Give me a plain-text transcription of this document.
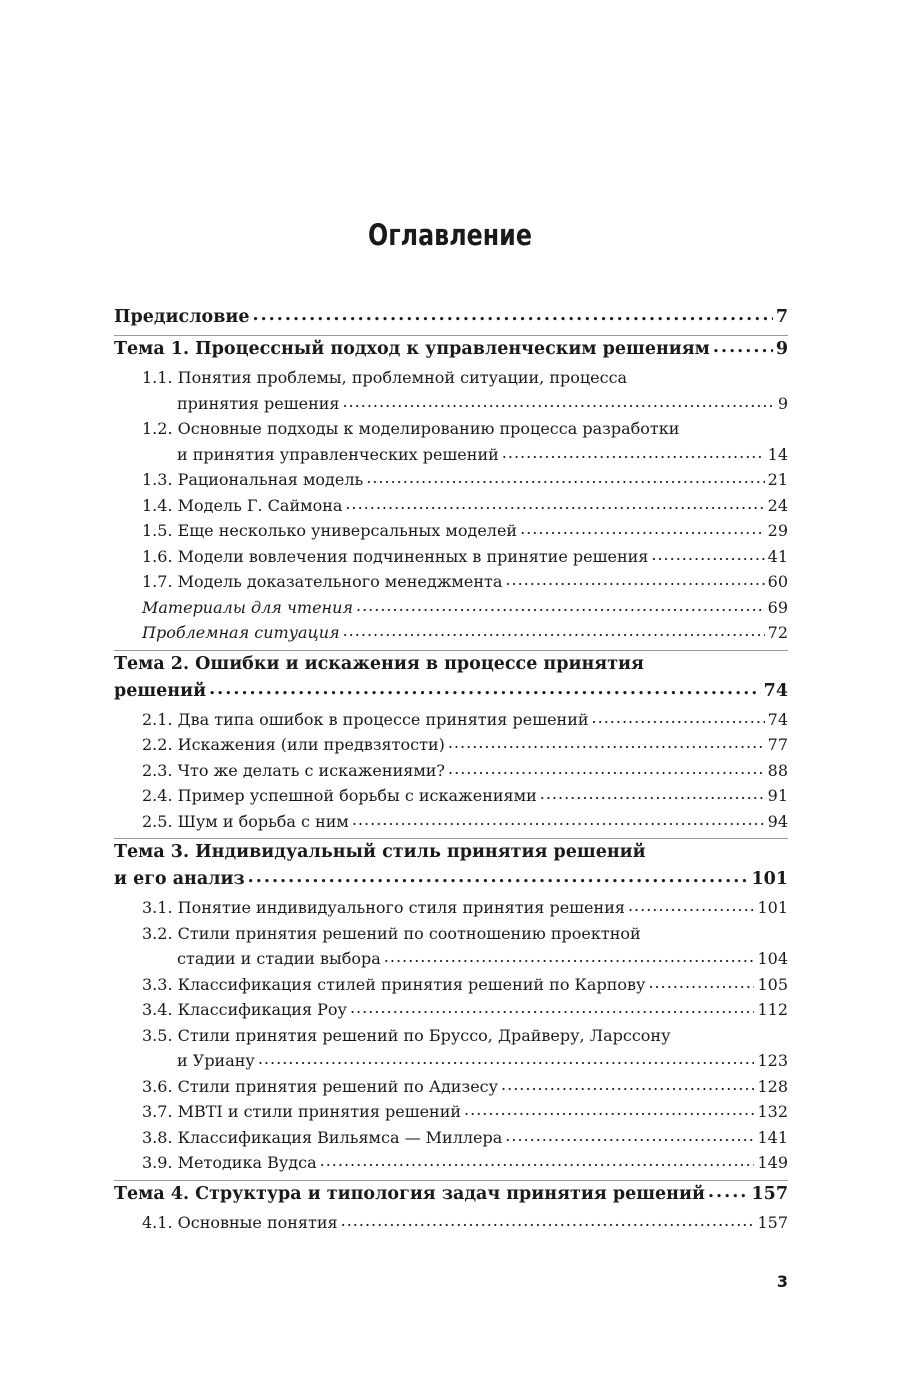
Оглавление
Предисловие .....	7
Тема 1. Процессный подход к управленческим решениям .....	9
1.1. Понятия проблемы, проблемной ситуации, процесса
принятия решения .....	9
1.2. Основные подходы к моделированию процесса разработки
и принятия управленческих решений .....	14
1.3. Рациональная модель .....	21
1.4. Модель Г. Саймона .....	24
1.5. Еще несколько универсальных моделей .....	29
1.6. Модели вовлечения подчиненных в принятие решения .....	41
1.7. Модель доказательного менеджмента .....	60
Материалы для чтения .....	69
Проблемная ситуация .....	72
Тема 2. Ошибки и искажения в процессе принятия
решений .....	74
2.1. Два типа ошибок в процессе принятия решений .....	74
2.2. Искажения (или предвзятости) .....	77
2.3. Что же делать с искажениями? .....	88
2.4. Пример успешной борьбы с искажениями .....	91
2.5. Шум и борьба с ним .....	94
Тема 3. Индивидуальный стиль принятия решений
и его анализ .....	101
3.1. Понятие индивидуального стиля принятия решения .....	101
3.2. Стили принятия решений по соотношению проектной
стадии и стадии выбора .....	104
3.3. Классификация стилей принятия решений по Карпову .....	105
3.4. Классификация Роу .....	112
3.5. Стили принятия решений по Бруссо, Драйверу, Ларссону
и Уриану .....	123
3.6. Стили принятия решений по Адизесу .....	128
3.7. MBTI и стили принятия решений .....	132
3.8. Классификация Вильямса — Миллера .....	141
3.9. Методика Вудса .....	149
Тема 4. Структура и типология задач принятия решений .....	157
4.1. Основные понятия .....	157
3
